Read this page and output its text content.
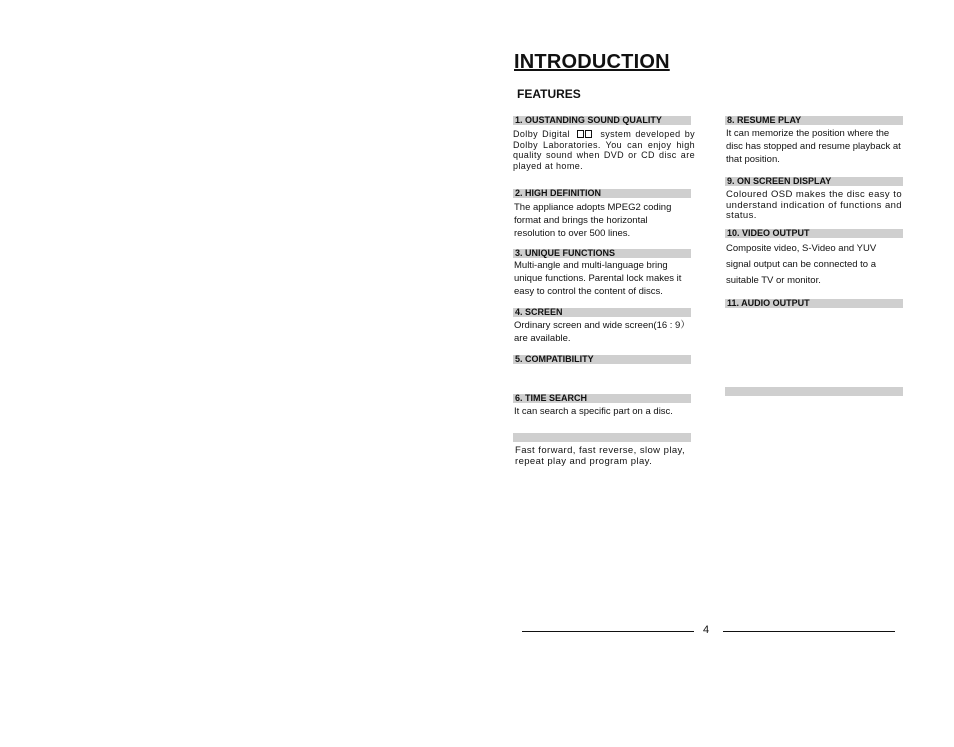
INTRODUCTION
FEATURES
1. OUSTANDING SOUND QUALITY

Dolby Digital	system developed by Dolby Laboratories. You can enjoy high quality sound when DVD or CD disc are played at home.

2. HIGH DEFINITION

The appliance adopts MPEG2 coding format and brings the horizontal resolution to over 500 lines.

3. UNIQUE FUNCTIONS

Multi-angle and multi-language bring unique functions. Parental lock makes it easy to control the content of discs.

4. SCREEN

Ordinary screen and wide screen(16 : 9）are available.

5. COMPATIBILITY
6. TIME SEARCH

It can search a specific part on a disc.

Fast forward, fast reverse, slow play, repeat play and program play.

8. RESUME PLAY

It can memorize the position where the disc has stopped and resume playback at that position.

9. ON SCREEN DISPLAY

Coloured OSD makes the disc easy to understand indication of functions and status.

10. VIDEO OUTPUT

Composite video, S-Video and YUV signal output can be connected to a suitable TV or monitor.

11. AUDIO OUTPUT

4
